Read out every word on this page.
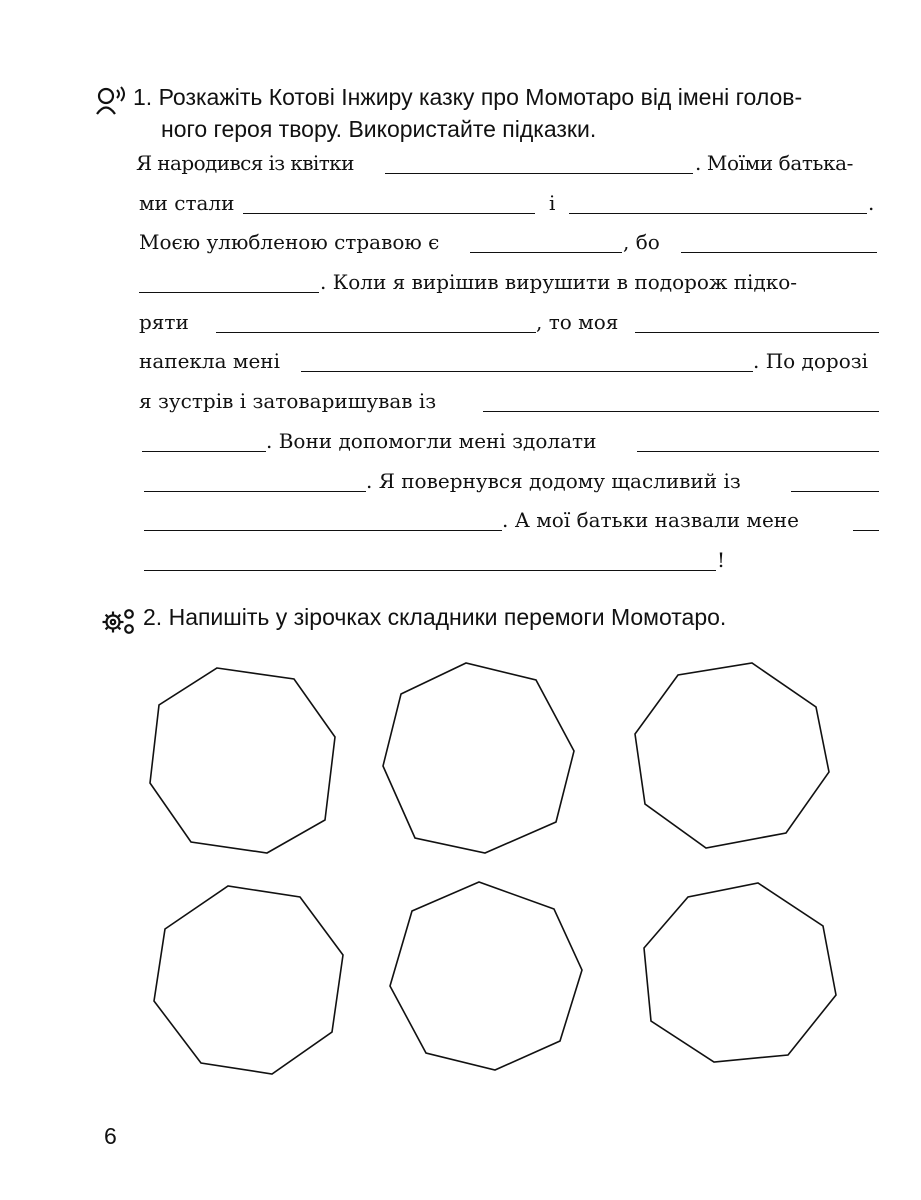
1. Розкажіть Котові Інжиру казку про Момотаро від імені голов-
ного героя твору. Використайте підказки.
Я народився із квітки	. Моїми батька-
ми стали	і	.
Моєю улюбленою стравою є	, бо
. Коли я вирішив вирушити в подорож підко-
ряти	, то моя
напекла мені	. По дорозі
я зустрів і затоваришував із
. Вони допомогли мені здолати
. Я повернувся додому щасливий із
. А мої батьки назвали мене
!
2. Напишіть у зірочках складники перемоги Момотаро.
6
